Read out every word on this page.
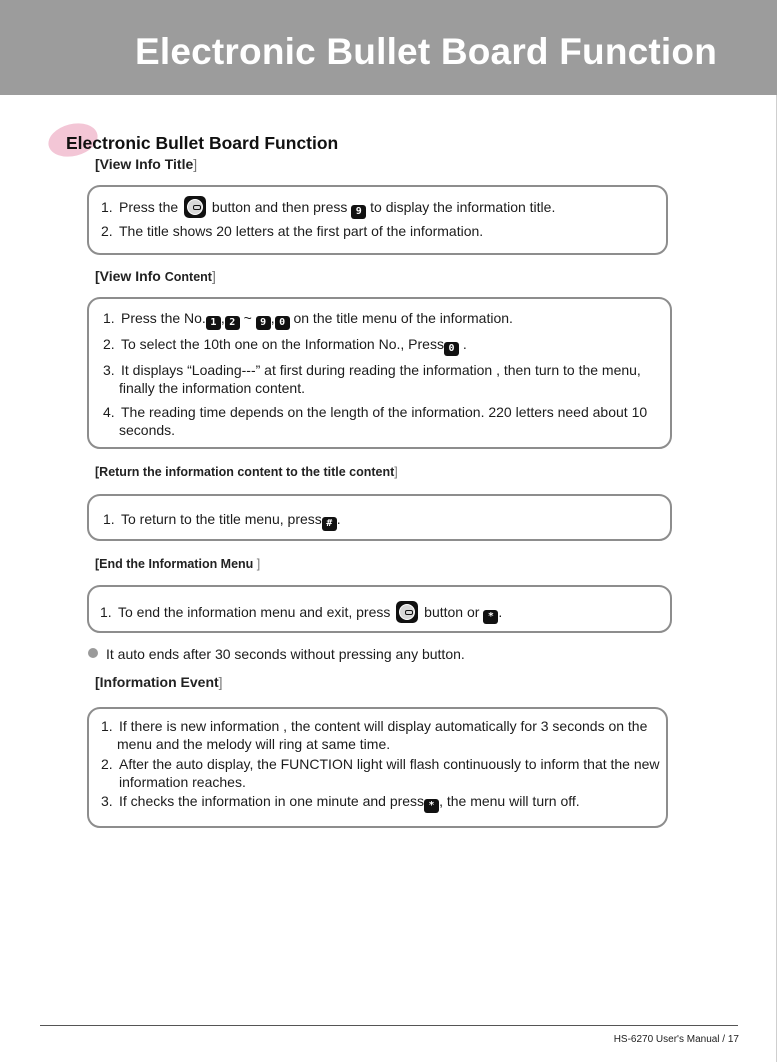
Electronic Bullet Board Function
Electronic Bullet Board Function
[View Info Title]
1. Press the
button and then press 9 to display the information title.
2. The title shows 20 letters at the first part of the information.
[View Info Content]
1. Press the No. 1 , 2 ~ 9 , 0 on the title menu of the information.
2. To select the 10th one on the Information No., Press 0 .
3. It displays “Loading---” at first during reading the information , then turn to the menu,
finally the information content.
4. The reading time depends on the length of the information. 220 letters need about 10
seconds.
[Return the information content to the title content]
1. To return to the title menu, press # .
[End the Information Menu ]
1. To end the information menu and exit, press
button or * .
It auto ends after 30 seconds without pressing any button.
[Information Event]
1. If there is new information , the content will display automatically for 3 seconds on the
menu and the melody will ring at same time.
2. After the auto display, the FUNCTION light will flash continuously to inform that the new
information reaches.
3. If checks the information in one minute and press * , the menu will turn off.
HS-6270 User's Manual / 17
